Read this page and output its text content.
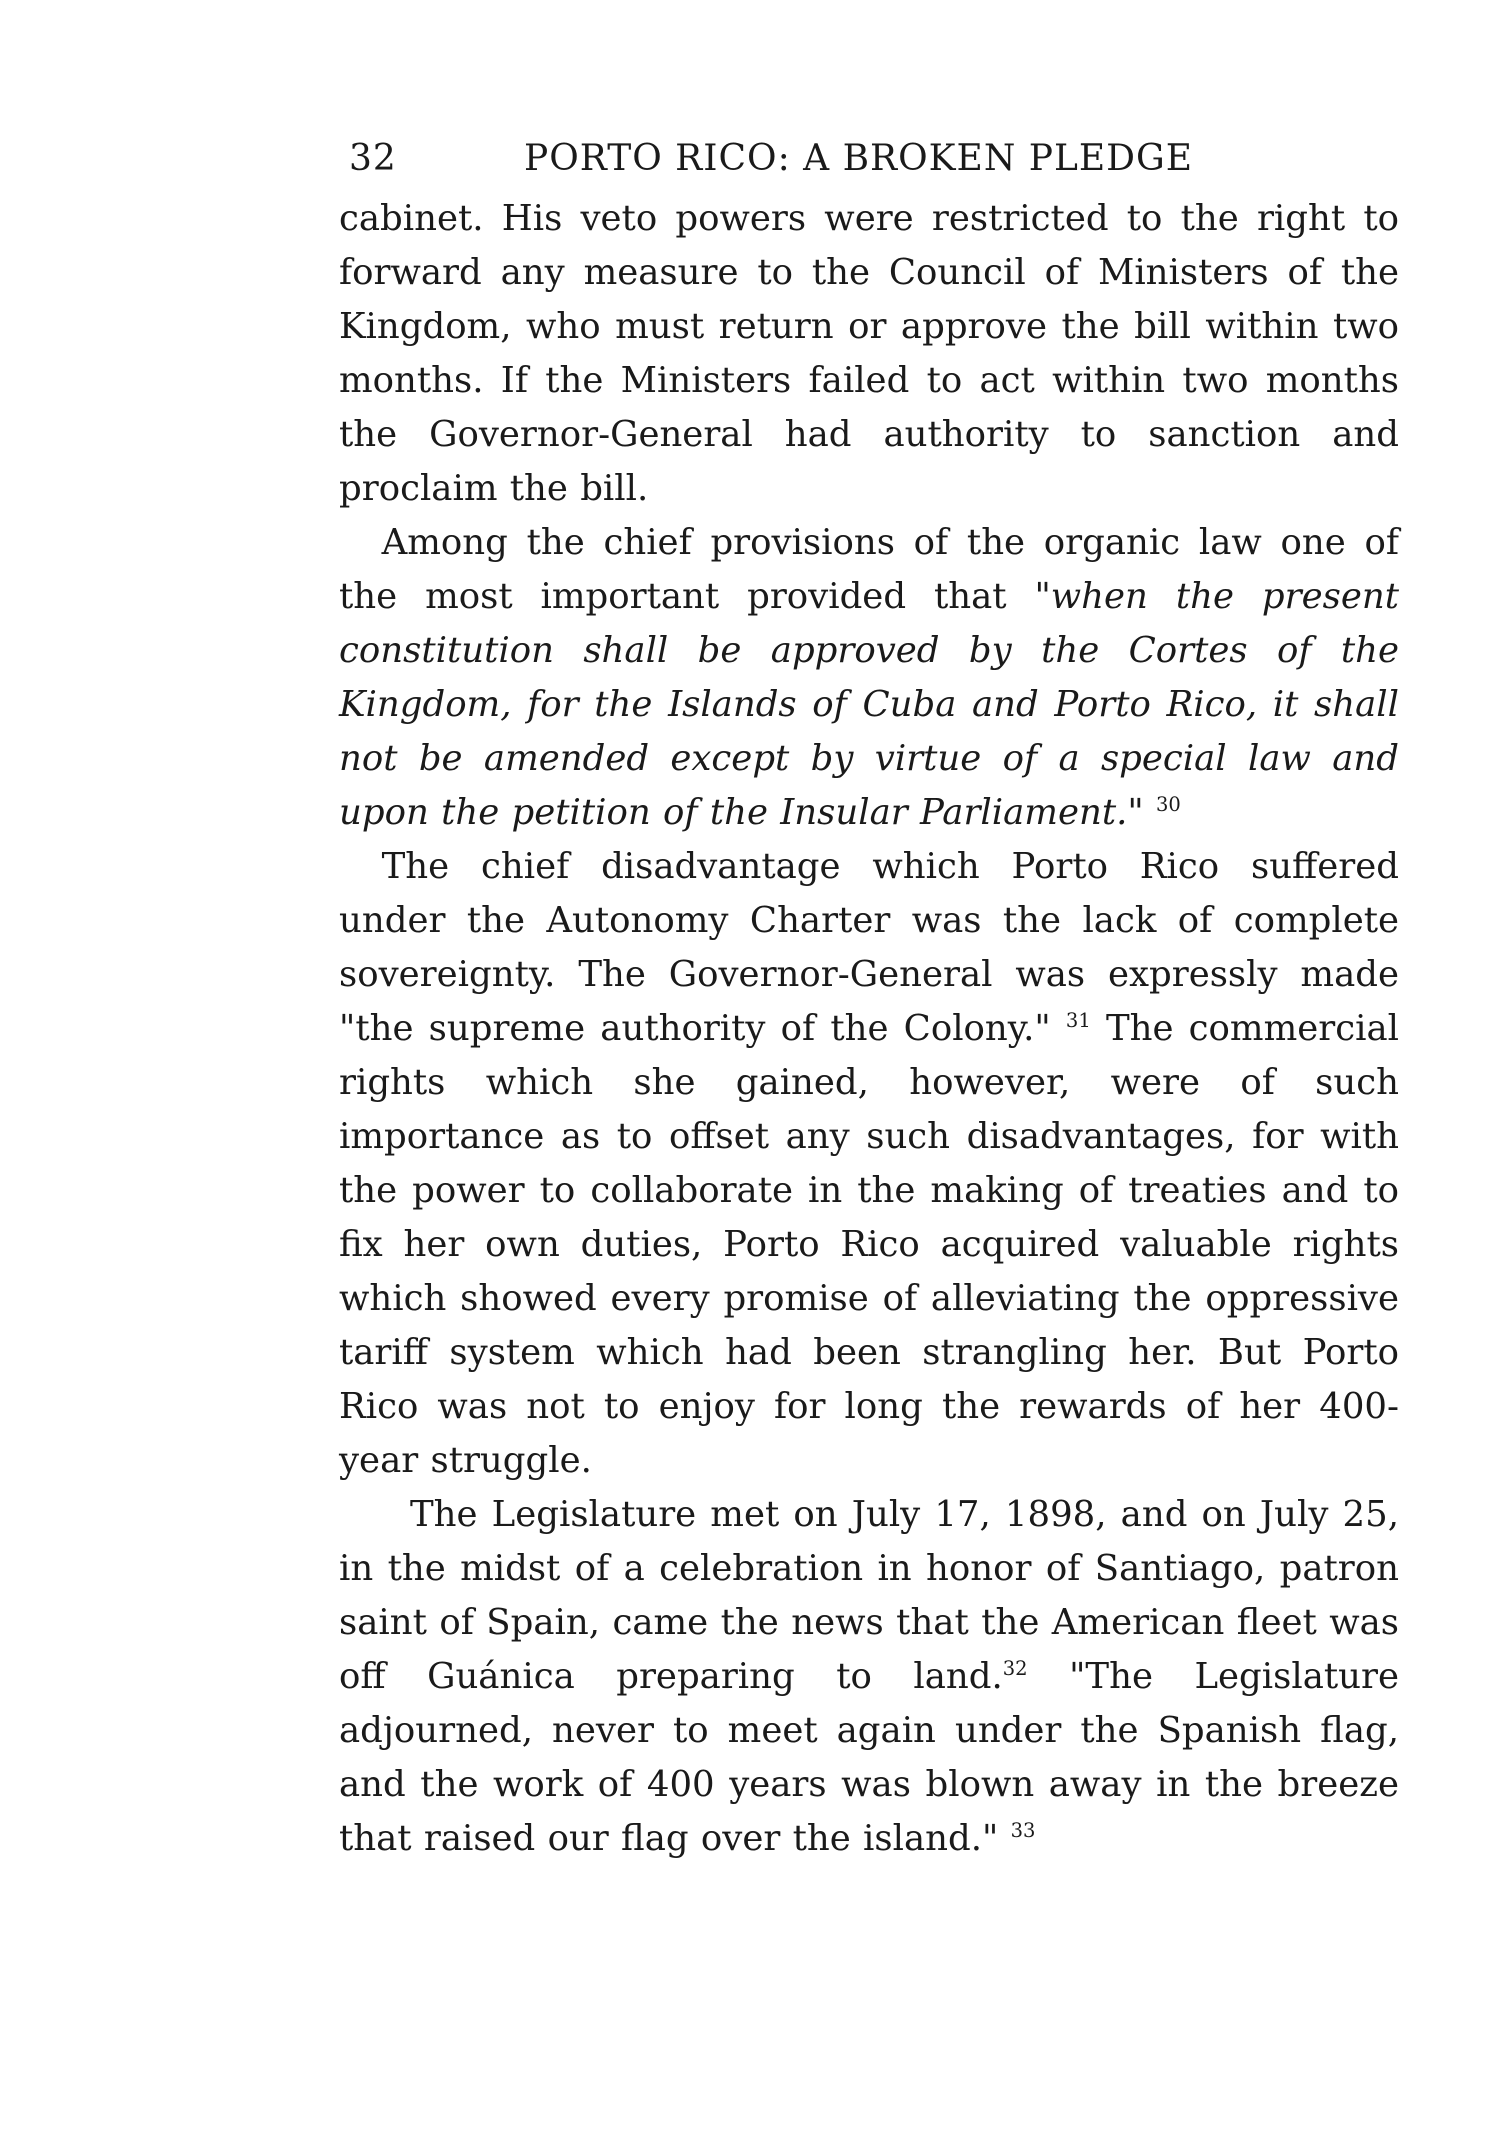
32	PORTO RICO: A BROKEN PLEDGE

cabinet. His veto powers were restricted to the right to forward any measure to the Council of Ministers of the Kingdom, who must return or approve the bill within two months. If the Ministers failed to act within two months the Governor-General had authority to sanction and proclaim the bill.

Among the chief provisions of the organic law one of the most important provided that "when the present constitution shall be approved by the Cortes of the Kingdom, for the Islands of Cuba and Porto Rico, it shall not be amended except by virtue of a special law and upon the petition of the Insular Parliament." $^{30}$

The chief disadvantage which Porto Rico suffered under the Autonomy Charter was the lack of complete sovereignty. The Governor-General was expressly made "the supreme authority of the Colony." $^{31}$ The commercial rights which she gained, however, were of such importance as to offset any such disadvantages, for with the power to collaborate in the making of treaties and to fix her own duties, Porto Rico acquired valuable rights which showed every promise of alleviating the oppressive tariff system which had been strangling her. But Porto Rico was not to enjoy for long the rewards of her 400-year struggle.

The Legislature met on July 17, 1898, and on July 25, in the midst of a celebration in honor of Santiago, patron saint of Spain, came the news that the American fleet was off Guánica preparing to land.$^{32}$ "The Legislature adjourned, never to meet again under the Spanish flag, and the work of 400 years was blown away in the breeze that raised our flag over the island." $^{33}$
